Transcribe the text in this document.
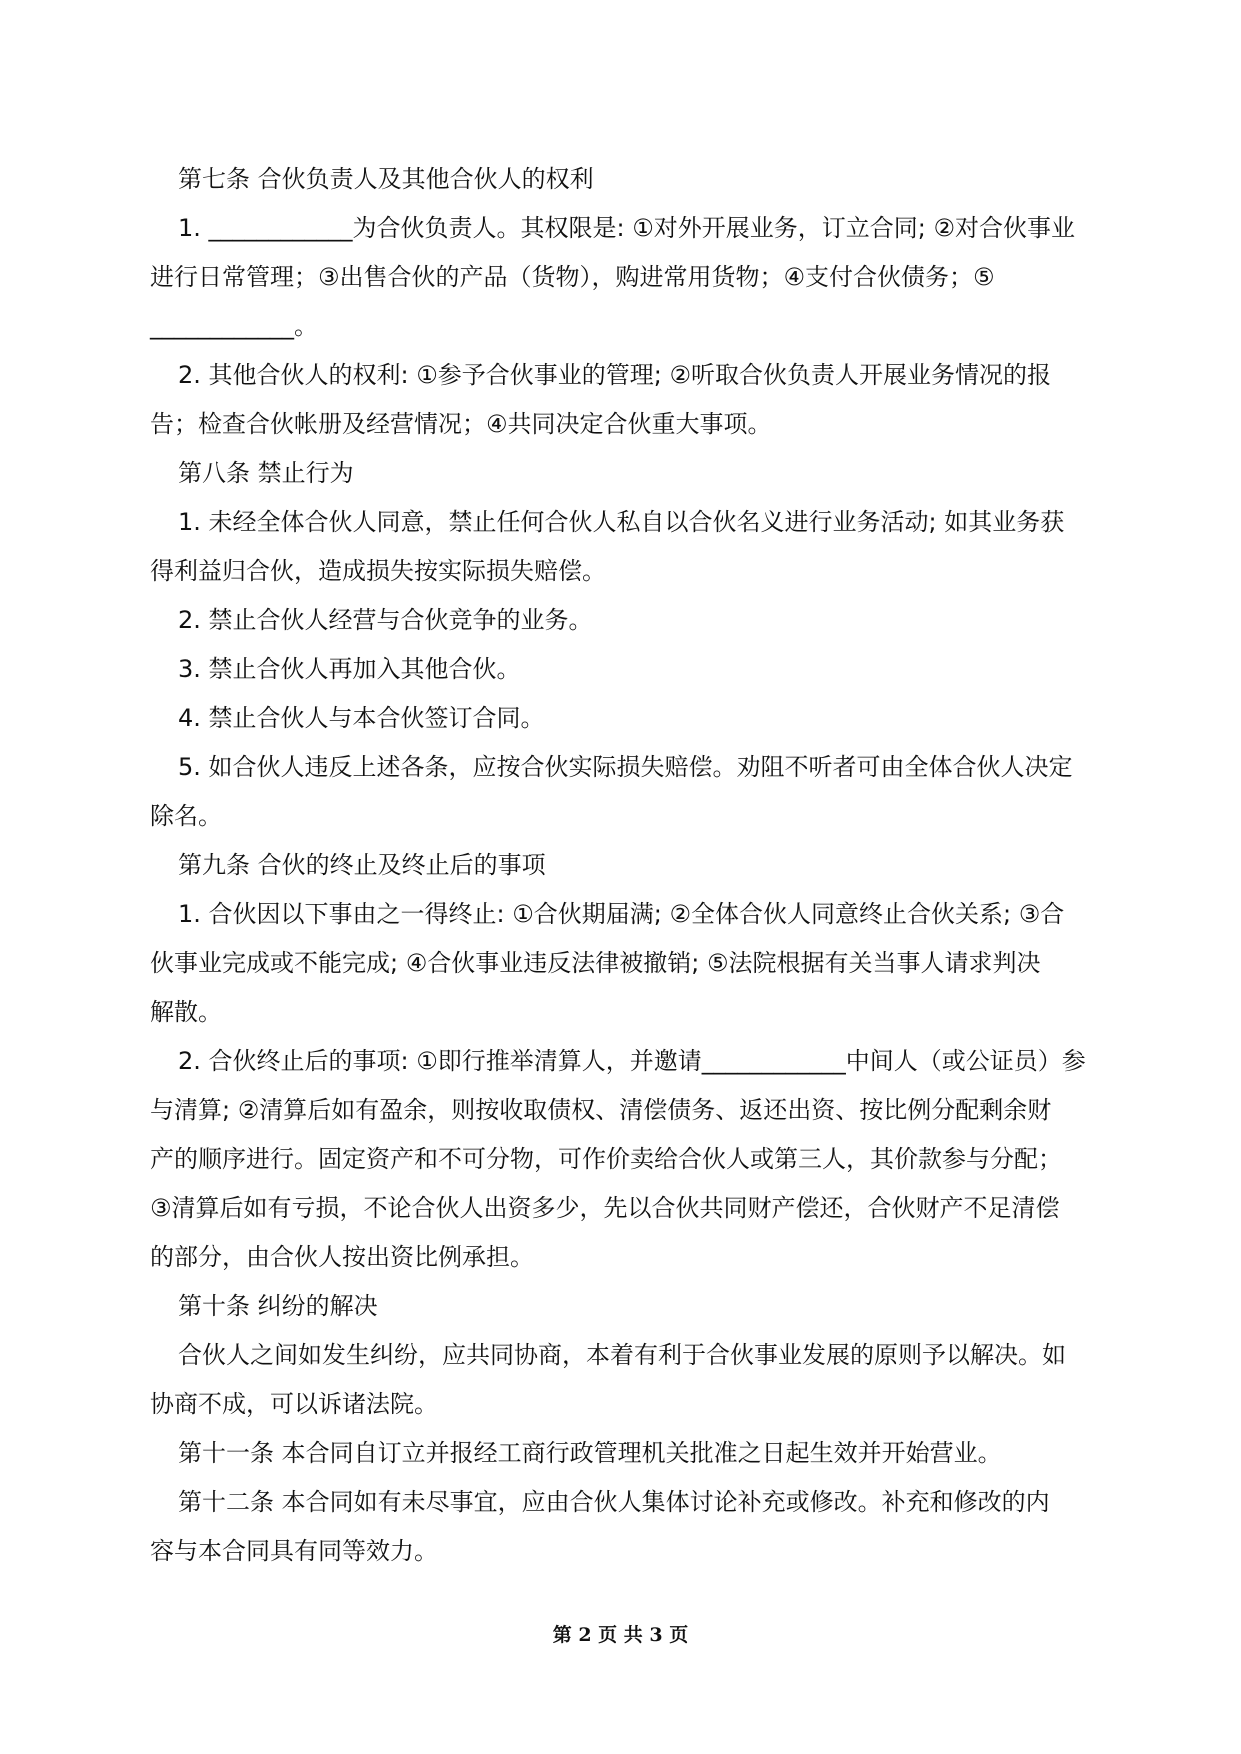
第七条 合伙负责人及其他合伙人的权利
1. ____________为合伙负责人。其权限是: ①对外开展业务，订立合同; ②对合伙事业
进行日常管理；③出售合伙的产品（货物），购进常用货物；④支付合伙债务；⑤
____________。
2. 其他合伙人的权利: ①参予合伙事业的管理; ②听取合伙负责人开展业务情况的报
告；检查合伙帐册及经营情况；④共同决定合伙重大事项。
第八条 禁止行为
1. 未经全体合伙人同意，禁止任何合伙人私自以合伙名义进行业务活动; 如其业务获
得利益归合伙，造成损失按实际损失赔偿。
2. 禁止合伙人经营与合伙竞争的业务。
3. 禁止合伙人再加入其他合伙。
4. 禁止合伙人与本合伙签订合同。
5. 如合伙人违反上述各条，应按合伙实际损失赔偿。劝阻不听者可由全体合伙人决定
除名。
第九条 合伙的终止及终止后的事项
1. 合伙因以下事由之一得终止: ①合伙期届满; ②全体合伙人同意终止合伙关系; ③合
伙事业完成或不能完成; ④合伙事业违反法律被撤销; ⑤法院根据有关当事人请求判决
解散。
2. 合伙终止后的事项: ①即行推举清算人，并邀请____________中间人（或公证员）参
与清算; ②清算后如有盈余，则按收取债权、清偿债务、返还出资、按比例分配剩余财
产的顺序进行。固定资产和不可分物，可作价卖给合伙人或第三人，其价款参与分配；
③清算后如有亏损，不论合伙人出资多少，先以合伙共同财产偿还，合伙财产不足清偿
的部分，由合伙人按出资比例承担。
第十条 纠纷的解决
合伙人之间如发生纠纷，应共同协商，本着有利于合伙事业发展的原则予以解决。如
协商不成，可以诉诸法院。
第十一条 本合同自订立并报经工商行政管理机关批准之日起生效并开始营业。
第十二条 本合同如有未尽事宜，应由合伙人集体讨论补充或修改。补充和修改的内
容与本合同具有同等效力。
第 2 页 共 3 页
